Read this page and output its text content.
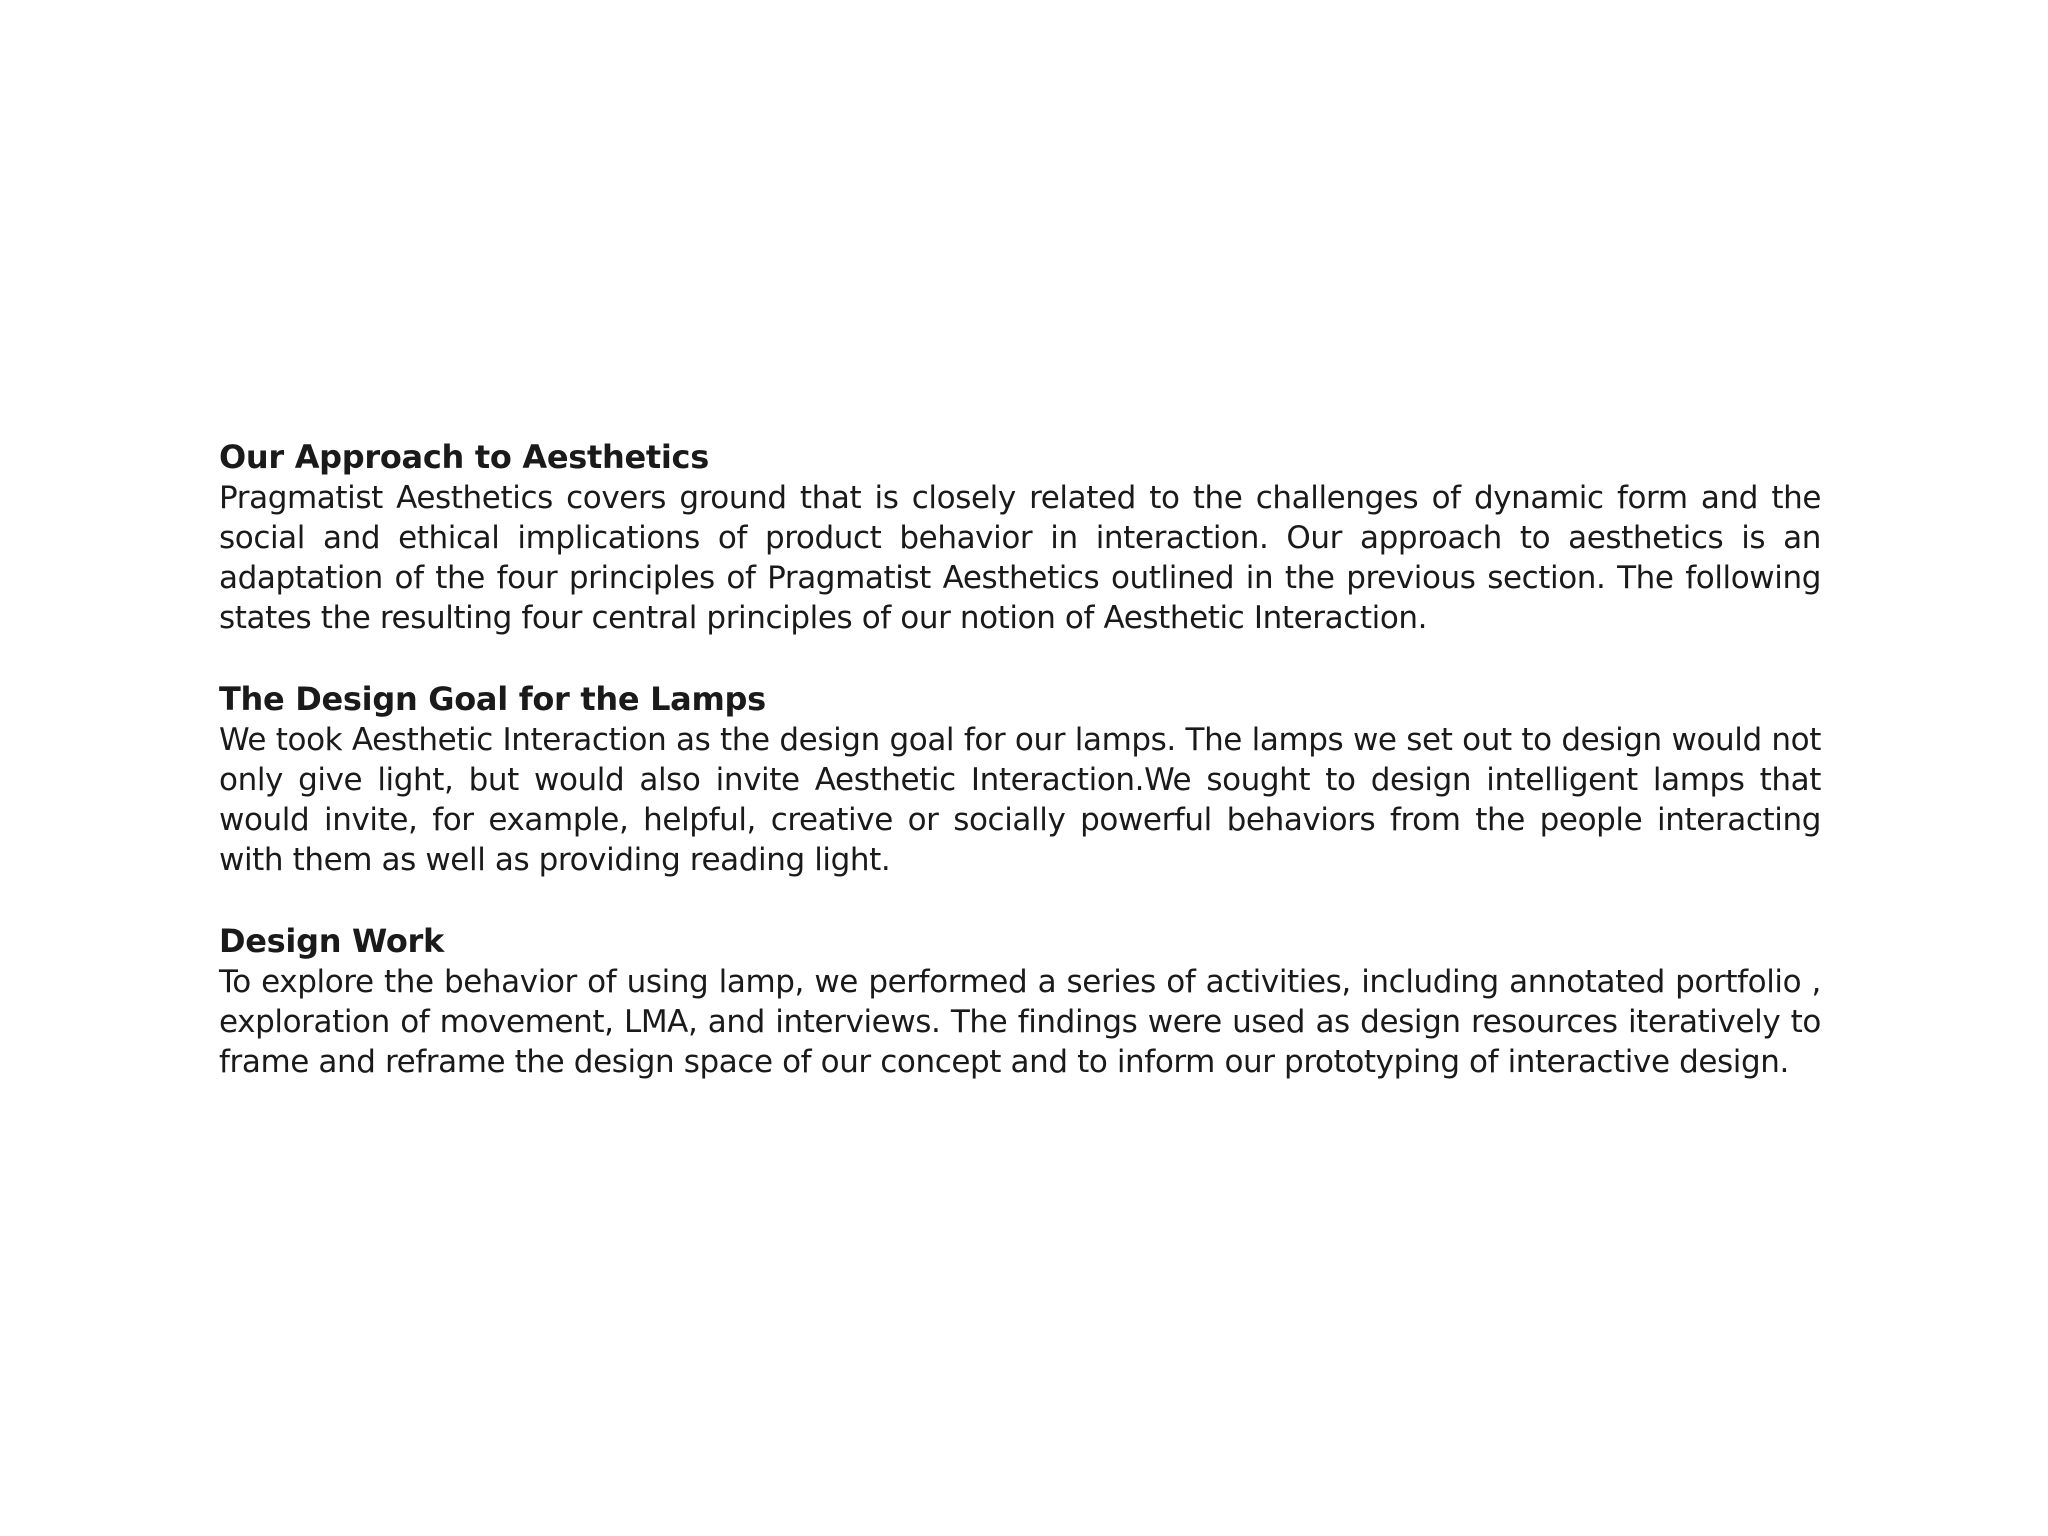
Our Approach to Aesthetics

Pragmatist Aesthetics covers ground that is closely related to the challenges of dynamic form and the social and ethical implications of product behavior in interaction. Our approach to aesthetics is an adaptation of the four principles of Pragmatist Aesthetics outlined in the previous section. The following states the resulting four central principles of our notion of Aesthetic Interaction.

The Design Goal for the Lamps

We took Aesthetic Interaction as the design goal for our lamps. The lamps we set out to design would not only give light, but would also invite Aesthetic Interaction.We sought to design intelligent lamps that would invite, for example, helpful, creative or socially powerful behaviors from the people interacting with them as well as providing reading light.

Design Work

To explore the behavior of using lamp, we performed a series of activities, including annotated portfolio , exploration of movement, LMA, and interviews. The findings were used as design resources iteratively to frame and reframe the design space of our concept and to inform our prototyping of interactive design.
